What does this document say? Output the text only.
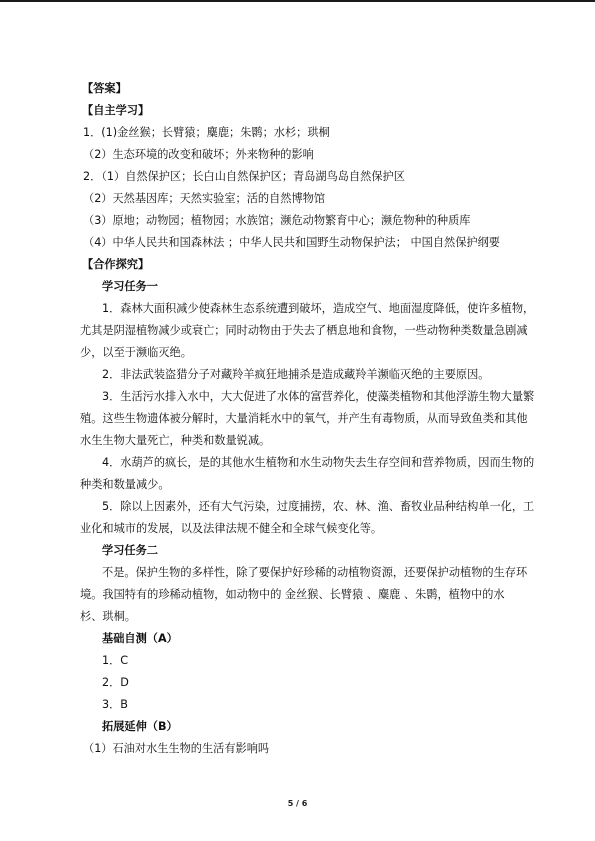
【答案】
【自主学习】
1．(1)金丝猴；长臂猿；麋鹿；朱鹮；水杉；珙桐
（2）生态环境的改变和破坏；外来物种的影响
2．（1）自然保护区；长白山自然保护区；青岛湖鸟岛自然保护区
（2）天然基因库；天然实验室；活的自然博物馆
（3）原地；动物园；植物园；水族馆；濒危动物繁育中心；濒危物种的种质库
（4）中华人民共和国森林法 ；中华人民共和国野生动物保护法； 中国自然保护纲要
【合作探究】
学习任务一
1．森林大面积减少使森林生态系统遭到破坏，造成空气、地面湿度降低，使许多植物，
尤其是阴湿植物减少或衰亡；同时动物由于失去了栖息地和食物，一些动物种类数量急剧减
少，以至于濒临灭绝。
2．非法武装盗猎分子对藏羚羊疯狂地捕杀是造成藏羚羊濒临灭绝的主要原因。
3．生活污水排入水中，大大促进了水体的富营养化，使藻类植物和其他浮游生物大量繁
殖。这些生物遗体被分解时，大量消耗水中的氧气，并产生有毒物质，从而导致鱼类和其他
水生生物大量死亡，种类和数量锐减。
4．水葫芦的疯长，是的其他水生植物和水生动物失去生存空间和营养物质，因而生物的
种类和数量减少。
5．除以上因素外，还有大气污染，过度捕捞，农、林、渔、畜牧业品种结构单一化，工
业化和城市的发展，以及法律法规不健全和全球气候变化等。
学习任务二
不是。保护生物的多样性，除了要保护好珍稀的动植物资源，还要保护动植物的生存环
境。我国特有的珍稀动植物，如动物中的 金丝猴、长臂猿 、麋鹿 、朱鹮，植物中的水
杉、珙桐。
基础自测（A）
1．C
2．D
3．B
拓展延伸（B）
（1）石油对水生生物的生活有影响吗
5 / 6
